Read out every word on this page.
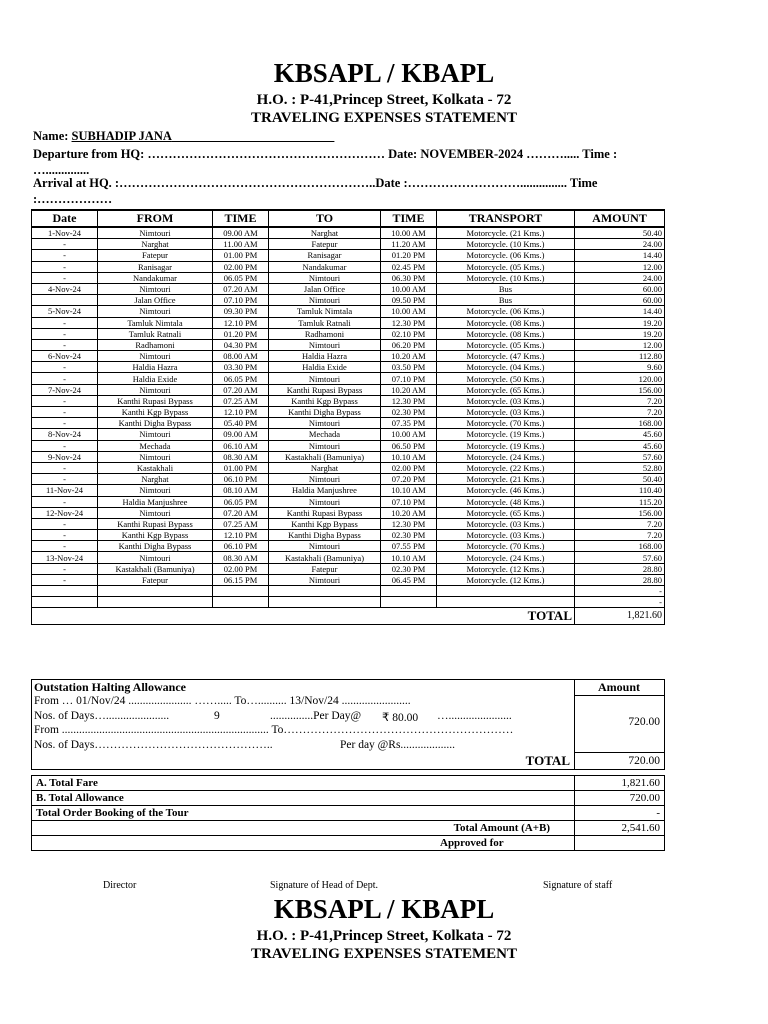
KBSAPL / KBAPL
H.O. : P-41,Princep Street, Kolkata - 72
TRAVELING EXPENSES STATEMENT
Name: SUBHADIP JANA
Departure from HQ: ………………………………………………… Date: NOVEMBER-2024 ………..... Time :
…..............
Arrival at HQ. :……………………………………………………..Date :………………………............... Time
:………………
Date	FROM	TIME	TO	TIME	TRANSPORT	AMOUNT
1-Nov-24	Nimtouri	09.00 AM	Narghat	10.00 AM	Motorcycle. (21 Kms.)	50.40
-	Narghat	11.00 AM	Fatepur	11.20 AM	Motorcycle. (10 Kms.)	24.00
-	Fatepur	01.00 PM	Ranisagar	01.20 PM	Motorcycle. (06 Kms.)	14.40
-	Ranisagar	02.00 PM	Nandakumar	02.45 PM	Motorcycle. (05 Kms.)	12.00
-	Nandakumar	06.05 PM	Nimtouri	06.30 PM	Motorcycle. (10 Kms.)	24.00
4-Nov-24	Nimtouri	07.20 AM	Jalan Office	10.00 AM	Bus	60.00
	Jalan Office	07.10 PM	Nimtouri	09.50 PM	Bus	60.00
5-Nov-24	Nimtouri	09.30 PM	Tamluk Nimtala	10.00 AM	Motorcycle. (06 Kms.)	14.40
-	Tamluk Nimtala	12.10 PM	Tamluk Ratnali	12.30 PM	Motorcycle. (08 Kms.)	19.20
-	Tamluk Ratnali	01.20 PM	Radhamoni	02.10 PM	Motorcycle. (08 Kms.)	19.20
-	Radhamoni	04.30 PM	Nimtouri	06.20 PM	Motorcycle. (05 Kms.)	12.00
6-Nov-24	Nimtouri	08.00 AM	Haldia Hazra	10.20 AM	Motorcycle. (47 Kms.)	112.80
-	Haldia Hazra	03.30 PM	Haldia Exide	03.50 PM	Motorcycle. (04 Kms.)	9.60
-	Haldia Exide	06.05 PM	Nimtouri	07.10 PM	Motorcycle. (50 Kms.)	120.00
7-Nov-24	Nimtouri	07.20 AM	Kanthi Rupasi Bypass	10.20 AM	Motorcycle. (65 Kms.)	156.00
-	Kanthi Rupasi Bypass	07.25 AM	Kanthi Kgp Bypass	12.30 PM	Motorcycle. (03 Kms.)	7.20
-	Kanthi Kgp Bypass	12.10 PM	Kanthi Digha Bypass	02.30 PM	Motorcycle. (03 Kms.)	7.20
-	Kanthi Digha Bypass	05.40 PM	Nimtouri	07.35 PM	Motorcycle. (70 Kms.)	168.00
8-Nov-24	Nimtouri	09.00 AM	Mechada	10.00 AM	Motorcycle. (19 Kms.)	45.60
-	Mechada	06.10 AM	Nimtouri	06.50 PM	Motorcycle. (19 Kms.)	45.60
9-Nov-24	Nimtouri	08.30 AM	Kastakhali (Bamuniya)	10.10 AM	Motorcycle. (24 Kms.)	57.60
-	Kastakhali	01.00 PM	Narghat	02.00 PM	Motorcycle. (22 Kms.)	52.80
-	Narghat	06.10 PM	Nimtouri	07.20 PM	Motorcycle. (21 Kms.)	50.40
11-Nov-24	Nimtouri	08.10 AM	Haldia Manjushree	10.10 AM	Motorcycle. (46 Kms.)	110.40
-	Haldia Manjushree	06.05 PM	Nimtouri	07.10 PM	Motorcycle. (48 Kms.)	115.20
12-Nov-24	Nimtouri	07.20 AM	Kanthi Rupasi Bypass	10.20 AM	Motorcycle. (65 Kms.)	156.00
-	Kanthi Rupasi Bypass	07.25 AM	Kanthi Kgp Bypass	12.30 PM	Motorcycle. (03 Kms.)	7.20
-	Kanthi Kgp Bypass	12.10 PM	Kanthi Digha Bypass	02.30 PM	Motorcycle. (03 Kms.)	7.20
-	Kanthi Digha Bypass	06.10 PM	Nimtouri	07.55 PM	Motorcycle. (70 Kms.)	168.00
13-Nov-24	Nimtouri	08.30 AM	Kastakhali (Bamuniya)	10.10 AM	Motorcycle. (24 Kms.)	57.60
-	Kastakhali (Bamuniya)	02.00 PM	Fatepur	02.30 PM	Motorcycle. (12 Kms.)	28.80
-	Fatepur	06.15 PM	Nimtouri	06.45 PM	Motorcycle. (12 Kms.)	28.80
						-
						-
TOTAL						1,821.60
Outstation Halting Allowance	Amount
From … 01/Nov/24 ...................... ……..... To….......... 13/Nov/24 ........................
Nos. of Days…......................	9	...............Per Day@ ₹ 80.00 …......................
From ........................................................................ To……………………………………………………
Nos. of Days………………………………………..	Per day @Rs...................
720.00
TOTAL	720.00
A. Total Fare	1,821.60
B. Total Allowance	720.00
Total Order Booking of the Tour	-
Total Amount (A+B)	2,541.60
Approved for	
Director	Signature of Head of Dept.	Signature of staff
KBSAPL / KBAPL
H.O. : P-41,Princep Street, Kolkata - 72
TRAVELING EXPENSES STATEMENT
